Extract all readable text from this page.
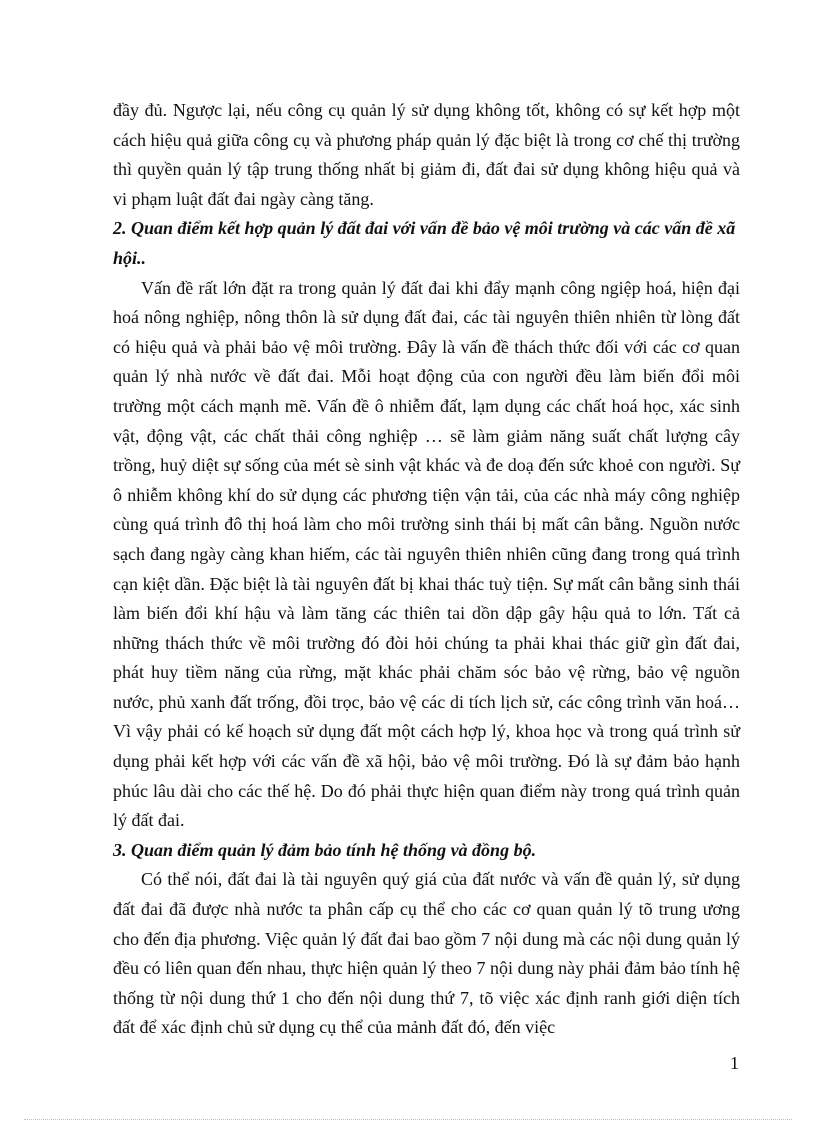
đầy đủ. Ngược lại, nếu công cụ quản lý sử dụng không tốt, không có sự kết hợp một cách hiệu quả giữa công cụ và phương pháp quản lý đặc biệt là trong cơ chế thị trường thì quyền quản lý tập trung thống nhất bị giảm đi, đất đai sử dụng không hiệu quả và vi phạm luật đất đai ngày càng tăng.

2. Quan điểm kết hợp quản lý đất đai với vấn đề bảo vệ môi trường và các vấn đề xã hội..

Vấn đề rất lớn đặt ra trong quản lý đất đai khi đẩy mạnh công ngiệp hoá, hiện đại hoá nông nghiệp, nông thôn là sử dụng đất đai, các tài nguyên thiên nhiên từ lòng đất có hiệu quả và phải bảo vệ môi trường. Đây là vấn đề thách thức đối với các cơ quan quản lý nhà nước về đất đai. Mỗi hoạt động của con người đều làm biến đổi môi trường một cách mạnh mẽ. Vấn đề ô nhiễm đất, lạm dụng các chất hoá học, xác sinh vật, động vật, các chất thải công nghiệp … sẽ làm giảm năng suất chất lượng cây trồng, huỷ diệt sự sống của mét sè sinh vật khác và đe doạ đến sức khoẻ con người. Sự ô nhiễm không khí do sử dụng các phương tiện vận tải, của các nhà máy công nghiệp cùng quá trình đô thị hoá làm cho môi trường sinh thái bị mất cân bằng. Nguồn nước sạch đang ngày càng khan hiếm, các tài nguyên thiên nhiên cũng đang trong quá trình cạn kiệt dần. Đặc biệt là tài nguyên đất bị khai thác tuỳ tiện. Sự mất cân bằng sinh thái làm biến đổi khí hậu và làm tăng các thiên tai dồn dập gây hậu quả to lớn. Tất cả những thách thức về môi trường đó đòi hỏi chúng ta phải khai thác giữ gìn đất đai, phát huy tiềm năng của rừng, mặt khác phải chăm sóc bảo vệ rừng, bảo vệ nguồn nước, phủ xanh đất trống, đồi trọc, bảo vệ các di tích lịch sử, các công trình văn hoá… Vì vậy phải có kế hoạch sử dụng đất một cách hợp lý, khoa học và trong quá trình sử dụng phải kết hợp với các vấn đề xã hội, bảo vệ môi trường. Đó là sự đảm bảo hạnh phúc lâu dài cho các thế hệ. Do đó phải thực hiện quan điểm này trong quá trình quản lý đất đai.

3. Quan điểm quản lý đảm bảo tính hệ thống và đồng bộ.

Có thể nói, đất đai là tài nguyên quý giá của đất nước và vấn đề quản lý, sử dụng đất đai đã được nhà nước ta phân cấp cụ thể cho các cơ quan quản lý tõ trung ương cho đến địa phương. Việc quản lý đất đai bao gồm 7 nội dung mà các nội dung quản lý đều có liên quan đến nhau, thực hiện quản lý theo 7 nội dung này phải đảm bảo tính hệ thống từ nội dung thứ 1 cho đến nội dung thứ 7, tõ việc xác định ranh giới diện tích đất để xác định chủ sử dụng cụ thể của mảnh đất đó, đến việc

1
